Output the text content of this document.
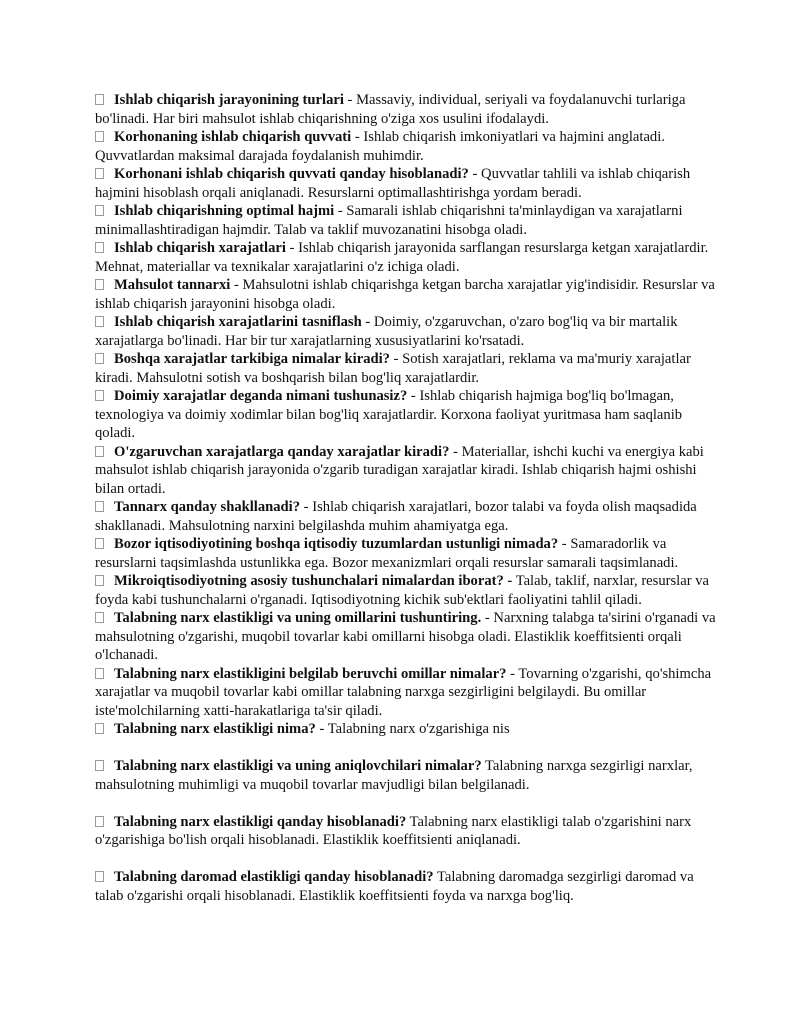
Ishlab chiqarish jarayonining turlari - Massaviy, individual, seriyali va foydalanuvchi turlariga bo'linadi. Har biri mahsulot ishlab chiqarishning o'ziga xos usulini ifodalaydi.

Korhonaning ishlab chiqarish quvvati - Ishlab chiqarish imkoniyatlari va hajmini anglatadi. Quvvatlardan maksimal darajada foydalanish muhimdir.

Korhonani ishlab chiqarish quvvati qanday hisoblanadi? - Quvvatlar tahlili va ishlab chiqarish hajmini hisoblash orqali aniqlanadi. Resurslarni optimallashtirishga yordam beradi.

Ishlab chiqarishning optimal hajmi - Samarali ishlab chiqarishni ta'minlaydigan va xarajatlarni minimallashtiradigan hajmdir. Talab va taklif muvozanatini hisobga oladi.

Ishlab chiqarish xarajatlari - Ishlab chiqarish jarayonida sarflangan resurslarga ketgan xarajatlardir. Mehnat, materiallar va texnikalar xarajatlarini o'z ichiga oladi.

Mahsulot tannarxi - Mahsulotni ishlab chiqarishga ketgan barcha xarajatlar yig'indisidir. Resurslar va ishlab chiqarish jarayonini hisobga oladi.

Ishlab chiqarish xarajatlarini tasniflash - Doimiy, o'zgaruvchan, o'zaro bog'liq va bir martalik xarajatlarga bo'linadi. Har bir tur xarajatlarning xususiyatlarini ko'rsatadi.

Boshqa xarajatlar tarkibiga nimalar kiradi? - Sotish xarajatlari, reklama va ma'muriy xarajatlar kiradi. Mahsulotni sotish va boshqarish bilan bog'liq xarajatlardir.

Doimiy xarajatlar deganda nimani tushunasiz? - Ishlab chiqarish hajmiga bog'liq bo'lmagan, texnologiya va doimiy xodimlar bilan bog'liq xarajatlardir. Korxona faoliyat yuritmasa ham saqlanib qoladi.

O'zgaruvchan xarajatlarga qanday xarajatlar kiradi? - Materiallar, ishchi kuchi va energiya kabi mahsulot ishlab chiqarish jarayonida o'zgarib turadigan xarajatlar kiradi. Ishlab chiqarish hajmi oshishi bilan ortadi.

Tannarx qanday shakllanadi? - Ishlab chiqarish xarajatlari, bozor talabi va foyda olish maqsadida shakllanadi. Mahsulotning narxini belgilashda muhim ahamiyatga ega.

Bozor iqtisodiyotining boshqa iqtisodiy tuzumlardan ustunligi nimada? - Samaradorlik va resurslarni taqsimlashda ustunlikka ega. Bozor mexanizmlari orqali resurslar samarali taqsimlanadi.

Mikroiqtisodiyotning asosiy tushunchalari nimalardan iborat? - Talab, taklif, narxlar, resurslar va foyda kabi tushunchalarni o'rganadi. Iqtisodiyotning kichik sub'ektlari faoliyatini tahlil qiladi.

Talabning narx elastikligi va uning omillarini tushuntiring. - Narxning talabga ta'sirini o'rganadi va mahsulotning o'zgarishi, muqobil tovarlar kabi omillarni hisobga oladi. Elastiklik koeffitsienti orqali o'lchanadi.

Talabning narx elastikligini belgilab beruvchi omillar nimalar? - Tovarning o'zgarishi, qo'shimcha xarajatlar va muqobil tovarlar kabi omillar talabning narxga sezgirligini belgilaydi. Bu omillar iste'molchilarning xatti-harakatlariga ta'sir qiladi.

Talabning narx elastikligi nima? - Talabning narx o'zgarishiga nis

Talabning narx elastikligi va uning aniqlovchilari nimalar? Talabning narxga sezgirligi narxlar, mahsulotning muhimligi va muqobil tovarlar mavjudligi bilan belgilanadi.

Talabning narx elastikligi qanday hisoblanadi? Talabning narx elastikligi talab o'zgarishini narx o'zgarishiga bo'lish orqali hisoblanadi. Elastiklik koeffitsienti aniqlanadi.

Talabning daromad elastikligi qanday hisoblanadi? Talabning daromadga sezgirligi daromad va talab o'zgarishi orqali hisoblanadi. Elastiklik koeffitsienti foyda va narxga bog'liq.
